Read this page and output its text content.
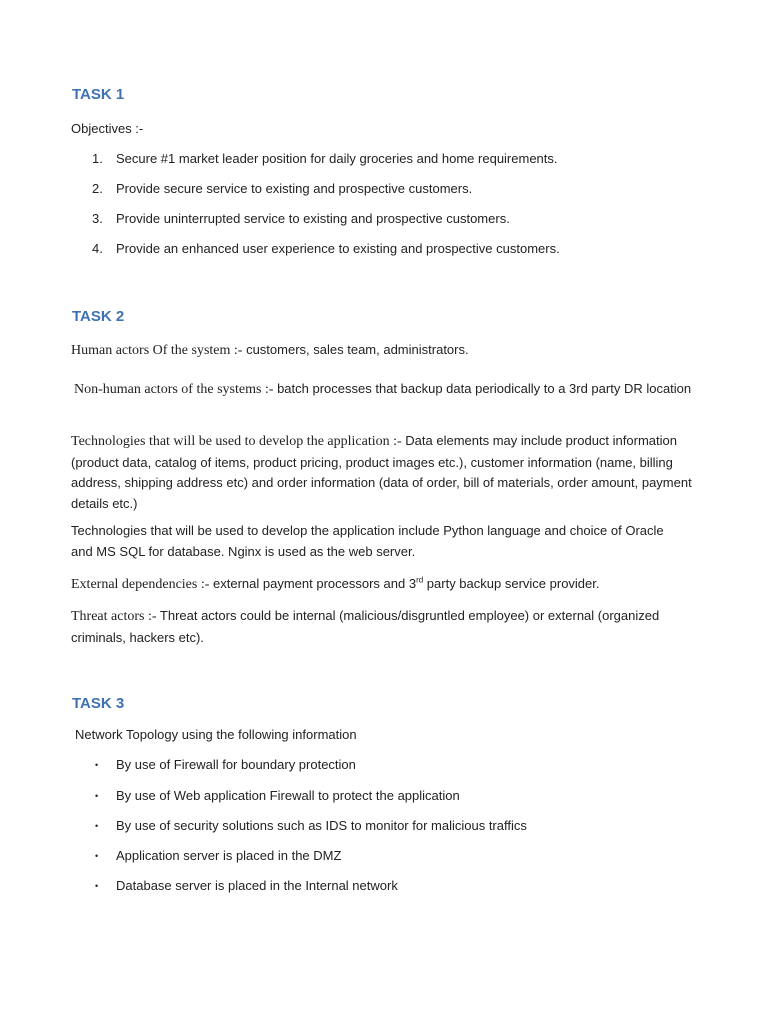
TASK 1

Objectives :-

1.	Secure #1 market leader position for daily groceries and home requirements.
2.	Provide secure service to existing and prospective customers.
3.	Provide uninterrupted service to existing and prospective customers.
4.	Provide an enhanced user experience to existing and prospective customers.
TASK 2

Human actors Of the system :- customers, sales team, administrators.

Non-human actors of the systems :- batch processes that backup data periodically to a 3rd party DR location

Technologies that will be used to develop the application :- Data elements may include product information (product data, catalog of items, product pricing, product images etc.), customer information (name, billing address, shipping address etc) and order information (data of order, bill of materials, order amount, payment details etc.)

Technologies that will be used to develop the application include Python language and choice of Oracle and MS SQL for database. Nginx is used as the web server.

External dependencies :- external payment processors and 3rd party backup service provider.

Threat actors :- Threat actors could be internal (malicious/disgruntled employee) or external (organized criminals, hackers etc).

TASK 3

Network Topology using the following information

• By use of Firewall for boundary protection
• By use of Web application Firewall to protect the application
• By use of security solutions such as IDS to monitor for malicious traffics
• Application server is placed in the DMZ
• Database server is placed in the Internal network
